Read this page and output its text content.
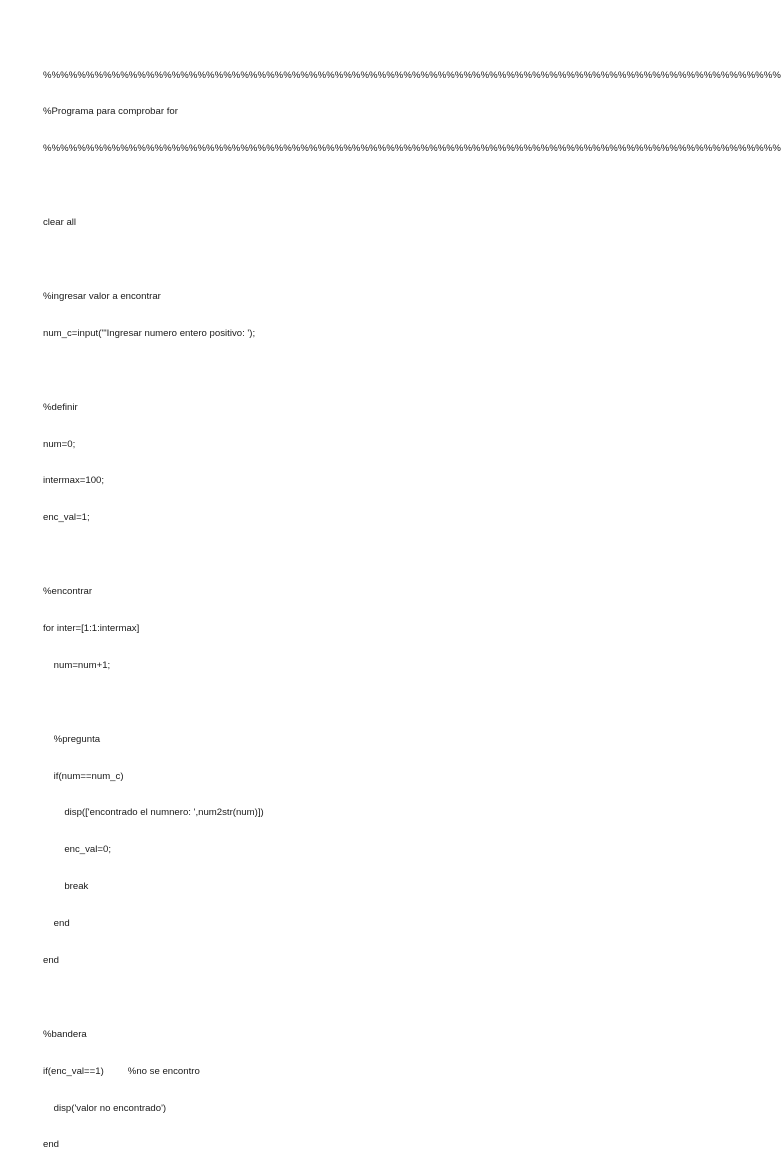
%%%%%%%%%%%%%%%%%%%%%%%%%%%%%%%%%%%%%%%%%%%%%%%%%%%%%%%%%%%%%%%%%%%%%%%%%%%%%%%%%%%%%%

%Programa para comprobar for

%%%%%%%%%%%%%%%%%%%%%%%%%%%%%%%%%%%%%%%%%%%%%%%%%%%%%%%%%%%%%%%%%%%%%%%%%%%%%%%%%%%%%%

clear all

%ingresar valor a encontrar

num_c=input('"Ingresar numero entero positivo: ');

%definir

num=0;

intermax=100;

enc_val=1;

%encontrar

for inter=[1:1:intermax]

num=num+1;

%pregunta

if(num==num_c)

disp(['encontrado el numnero: ',num2str(num)])

enc_val=0;

break

end

end

%bandera

if(enc_val==1)         %no se encontro

disp('valor no encontrado')

end
